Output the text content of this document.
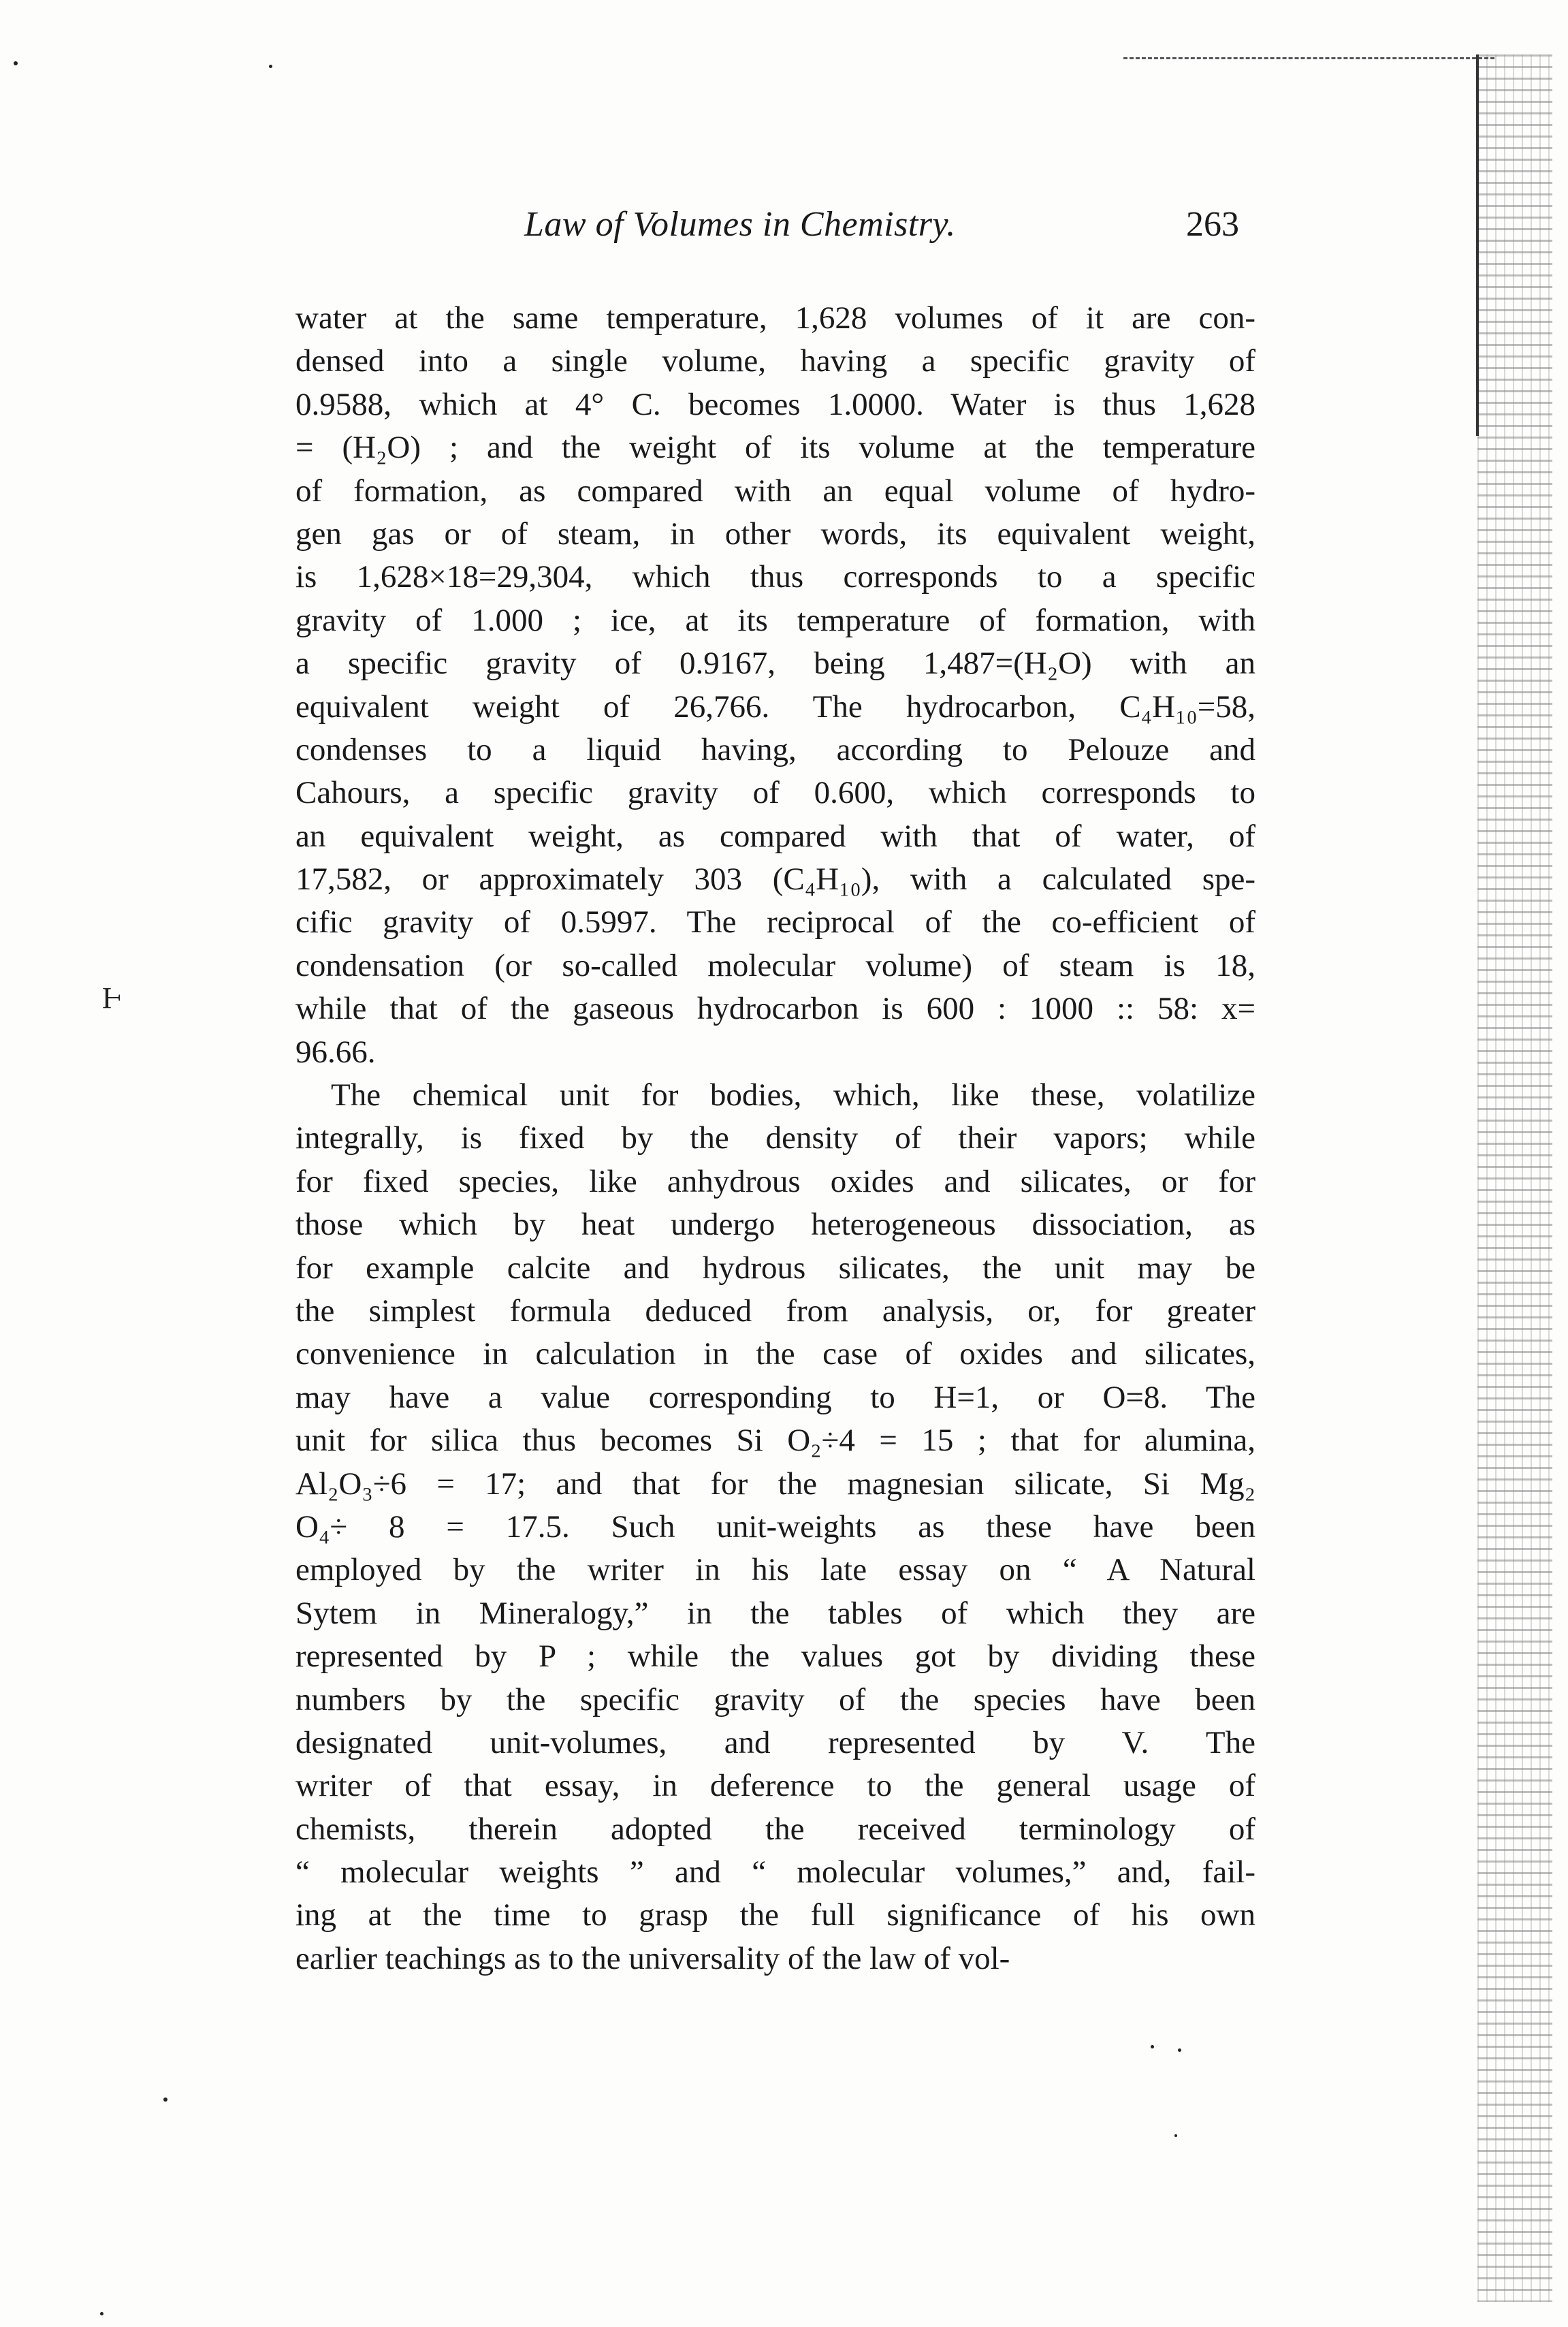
Ⱶ
Law of Volumes in Chemistry.	263
water at the same temperature, 1,628 volumes of it are con-
densed into a single volume, having a specific gravity of
0.9588, which at 4° C. becomes 1.0000. Water is thus 1,628
= (H₂O) ; and the weight of its volume at the temperature
of formation, as compared with an equal volume of hydro-
gen gas or of steam, in other words, its equivalent weight,
is 1,628×18=29,304, which thus corresponds to a specific
gravity of 1.000 ; ice, at its temperature of formation, with
a specific gravity of 0.9167, being 1,487=(H₂O) with an
equivalent weight of 26,766. The hydrocarbon, C₄H₁₀=58,
condenses to a liquid having, according to Pelouze and
Cahours, a specific gravity of 0.600, which corresponds to
an equivalent weight, as compared with that of water, of
17,582, or approximately 303 (C₄H₁₀), with a calculated spe-
cific gravity of 0.5997. The reciprocal of the co-efficient of
condensation (or so-called molecular volume) of steam is 18,
while that of the gaseous hydrocarbon is 600 : 1000 :: 58: x=
96.66.
The chemical unit for bodies, which, like these, volatilize
integrally, is fixed by the density of their vapors; while
for fixed species, like anhydrous oxides and silicates, or for
those which by heat undergo heterogeneous dissociation, as
for example calcite and hydrous silicates, the unit may be
the simplest formula deduced from analysis, or, for greater
convenience in calculation in the case of oxides and silicates,
may have a value corresponding to H=1, or O=8. The
unit for silica thus becomes Si O₂÷4 = 15 ; that for alumina,
Al₂O₃÷6 = 17; and that for the magnesian silicate, Si Mg₂
O₄÷ 8 = 17.5. Such unit-weights as these have been
employed by the writer in his late essay on “ A Natural
Sytem in Mineralogy,” in the tables of which they are
represented by P ; while the values got by dividing these
numbers by the specific gravity of the species have been
designated unit-volumes, and represented by V. The
writer of that essay, in deference to the general usage of
chemists, therein adopted the received terminology of
“ molecular weights ” and “ molecular volumes,” and, fail-
ing at the time to grasp the full significance of his own
earlier teachings as to the universality of the law of vol-
